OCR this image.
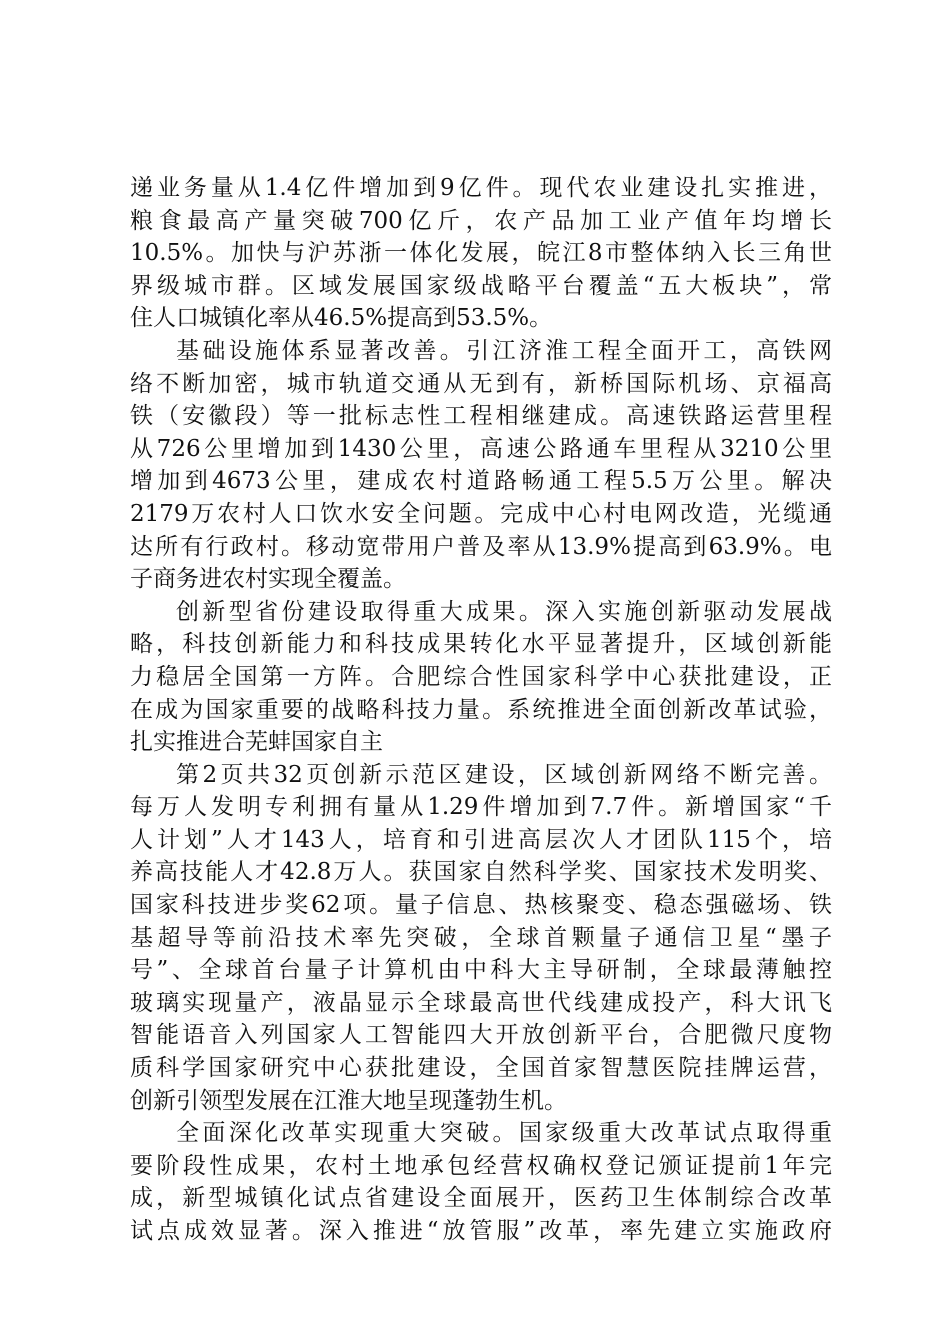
递业务量从1.4亿件增加到9亿件。现代农业建设扎实推进，
粮食最高产量突破700亿斤，农产品加工业产值年均增长
10.5%。加快与沪苏浙一体化发展，皖江8市整体纳入长三角世
界级城市群。区域发展国家级战略平台覆盖“五大板块”，常
住人口城镇化率从46.5%提高到53.5%。
基础设施体系显著改善。引江济淮工程全面开工，高铁网
络不断加密，城市轨道交通从无到有，新桥国际机场、京福高
铁（安徽段）等一批标志性工程相继建成。高速铁路运营里程
从726公里增加到1430公里，高速公路通车里程从3210公里
增加到4673公里，建成农村道路畅通工程5.5万公里。解决
2179万农村人口饮水安全问题。完成中心村电网改造，光缆通
达所有行政村。移动宽带用户普及率从13.9%提高到63.9%。电
子商务进农村实现全覆盖。
创新型省份建设取得重大成果。深入实施创新驱动发展战
略，科技创新能力和科技成果转化水平显著提升，区域创新能
力稳居全国第一方阵。合肥综合性国家科学中心获批建设，正
在成为国家重要的战略科技力量。系统推进全面创新改革试验，
扎实推进合芜蚌国家自主
第2页共32页创新示范区建设，区域创新网络不断完善。
每万人发明专利拥有量从1.29件增加到7.7件。新增国家“千
人计划”人才143人，培育和引进高层次人才团队115个，培
养高技能人才42.8万人。获国家自然科学奖、国家技术发明奖、
国家科技进步奖62项。量子信息、热核聚变、稳态强磁场、铁
基超导等前沿技术率先突破，全球首颗量子通信卫星“墨子
号”、全球首台量子计算机由中科大主导研制，全球最薄触控
玻璃实现量产，液晶显示全球最高世代线建成投产，科大讯飞
智能语音入列国家人工智能四大开放创新平台，合肥微尺度物
质科学国家研究中心获批建设，全国首家智慧医院挂牌运营，
创新引领型发展在江淮大地呈现蓬勃生机。
全面深化改革实现重大突破。国家级重大改革试点取得重
要阶段性成果，农村土地承包经营权确权登记颁证提前1年完
成，新型城镇化试点省建设全面展开，医药卫生体制综合改革
试点成效显著。深入推进“放管服”改革，率先建立实施政府
